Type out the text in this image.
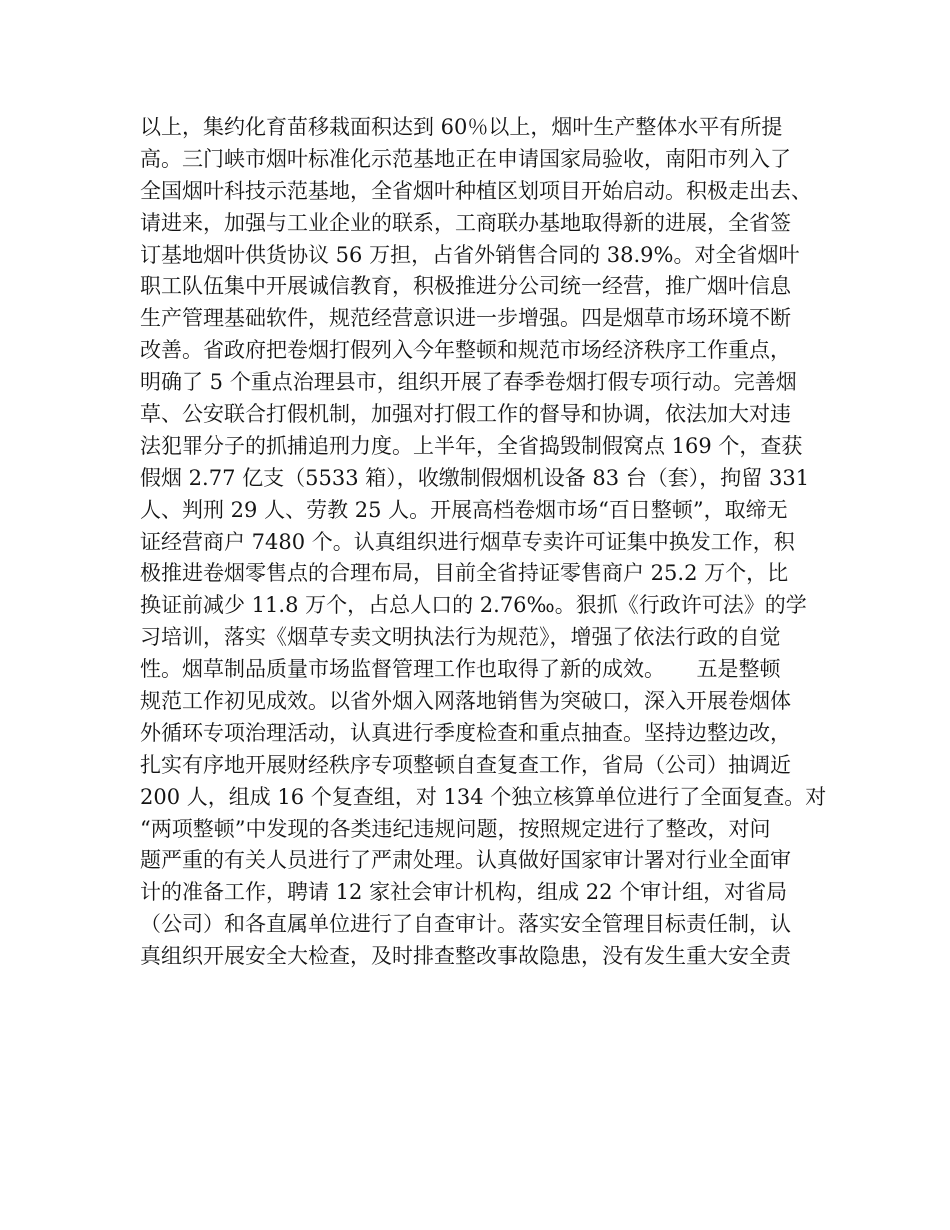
以上，集约化育苗移栽面积达到 60％以上，烟叶生产整体水平有所提
高。三门峡市烟叶标准化示范基地正在申请国家局验收，南阳市列入了
全国烟叶科技示范基地，全省烟叶种植区划项目开始启动。积极走出去、
请进来，加强与工业企业的联系，工商联办基地取得新的进展，全省签
订基地烟叶供货协议 56 万担，占省外销售合同的 38.9%。对全省烟叶
职工队伍集中开展诚信教育，积极推进分公司统一经营，推广烟叶信息
生产管理基础软件，规范经营意识进一步增强。四是烟草市场环境不断
改善。省政府把卷烟打假列入今年整顿和规范市场经济秩序工作重点，
明确了 5 个重点治理县市，组织开展了春季卷烟打假专项行动。完善烟
草、公安联合打假机制，加强对打假工作的督导和协调，依法加大对违
法犯罪分子的抓捕追刑力度。上半年，全省捣毁制假窝点 169 个，查获
假烟 2.77 亿支（5533 箱），收缴制假烟机设备 83 台（套），拘留 331
人、判刑 29 人、劳教 25 人。开展高档卷烟市场“百日整顿”，取缔无
证经营商户 7480 个。认真组织进行烟草专卖许可证集中换发工作，积
极推进卷烟零售点的合理布局，目前全省持证零售商户 25.2 万个，比
换证前减少 11.8 万个，占总人口的 2.76‰。狠抓《行政许可法》的学
习培训，落实《烟草专卖文明执法行为规范》，增强了依法行政的自觉
性。烟草制品质量市场监督管理工作也取得了新的成效。　　五是整顿
规范工作初见成效。以省外烟入网落地销售为突破口，深入开展卷烟体
外循环专项治理活动，认真进行季度检查和重点抽查。坚持边整边改，
扎实有序地开展财经秩序专项整顿自查复查工作，省局（公司）抽调近
200 人，组成 16 个复查组，对 134 个独立核算单位进行了全面复查。对
“两项整顿”中发现的各类违纪违规问题，按照规定进行了整改，对问
题严重的有关人员进行了严肃处理。认真做好国家审计署对行业全面审
计的准备工作，聘请 12 家社会审计机构，组成 22 个审计组，对省局
（公司）和各直属单位进行了自查审计。落实安全管理目标责任制，认
真组织开展安全大检查，及时排查整改事故隐患，没有发生重大安全责
